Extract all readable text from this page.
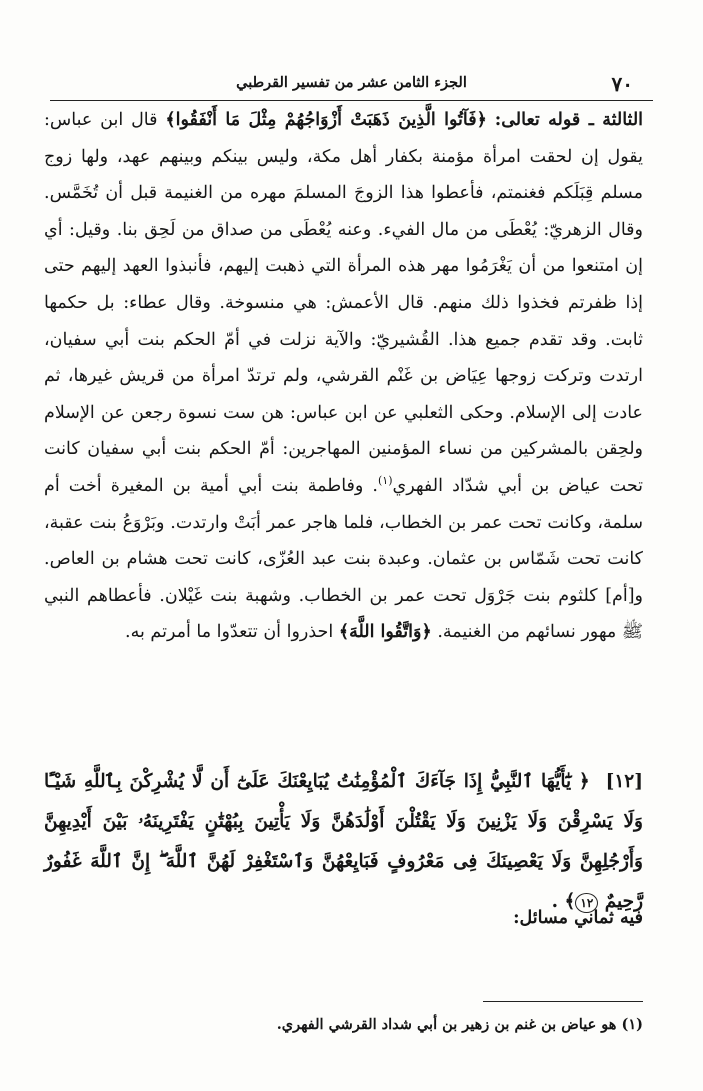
٧٠
الجزء الثامن عشر من تفسير القرطبي

الثالثة ـ قوله تعالى: ﴿فَآتُوا الَّذِينَ ذَهَبَتْ أَزْوَاجُهُمْ مِثْلَ مَا أَنْفَقُوا﴾ قال ابن عباس: يقول إن لحقت امرأة مؤمنة بكفار أهل مكة، وليس بينكم وبينهم عهد، ولها زوج مسلم قِبَلَكم فغنمتم، فأعطوا هذا الزوجَ المسلمَ مهره من الغنيمة قبل أن تُخَمَّس. وقال الزهريّ: يُعْطَى من مال الفيء. وعنه يُعْطَى من صداق من لَحِق بنا. وقيل: أي إن امتنعوا من أن يَغْرَمُوا مهر هذه المرأة التي ذهبت إليهم، فأنبذوا العهد إليهم حتى إذا ظفرتم فخذوا ذلك منهم. قال الأعمش: هي منسوخة. وقال عطاء: بل حكمها ثابت. وقد تقدم جميع هذا. القُشيريّ: والآية نزلت في أمّ الحكم بنت أبي سفيان، ارتدت وتركت زوجها عِيَاض بن غَنْم القرشي، ولم ترتدّ امرأة من قريش غيرها، ثم عادت إلى الإسلام. وحكى الثعلبي عن ابن عباس: هن ست نسوة رجعن عن الإسلام ولحِقن بالمشركين من نساء المؤمنين المهاجرين: أمّ الحكم بنت أبي سفيان كانت تحت عياض بن أبي شدّاد الفهري$^{(١)}$. وفاطمة بنت أبي أمية بن المغيرة أخت أم سلمة، وكانت تحت عمر بن الخطاب، فلما هاجر عمر أبَتْ وارتدت. وبَرْوَعُ بنت عقبة، كانت تحت شَمّاس بن عثمان. وعبدة بنت عبد العُزّى، كانت تحت هشام بن العاص. و[أم] كلثوم بنت جَرْوَل تحت عمر بن الخطاب. وشهبة بنت غَيْلان. فأعطاهم النبي ﷺ مهور نسائهم من الغنيمة. ﴿وَاتَّقُوا اللَّهَ﴾ احذروا أن تتعدّوا ما أمرتم به.

[١٢] ﴿ يَٰٓأَيُّهَا ٱلنَّبِيُّ إِذَا جَآءَكَ ٱلْمُؤْمِنَٰتُ يُبَايِعْنَكَ عَلَىٰٓ أَن لَّا يُشْرِكْنَ بِٱللَّهِ شَيْـًٔا وَلَا يَسْرِقْنَ وَلَا يَزْنِينَ وَلَا يَقْتُلْنَ أَوْلَٰدَهُنَّ وَلَا يَأْتِينَ بِبُهْتَٰنٍ يَفْتَرِينَهُۥ بَيْنَ أَيْدِيهِنَّ وَأَرْجُلِهِنَّ وَلَا يَعْصِينَكَ فِى مَعْرُوفٍ فَبَايِعْهُنَّ وَٱسْتَغْفِرْ لَهُنَّ ٱللَّهَ ۖ إِنَّ ٱللَّهَ غَفُورٌ رَّحِيمٌ ١٢﴾ .
فيه ثماني مسائل:
(١) هو عياض بن غنم بن زهير بن أبي شداد القرشي الفهري.
